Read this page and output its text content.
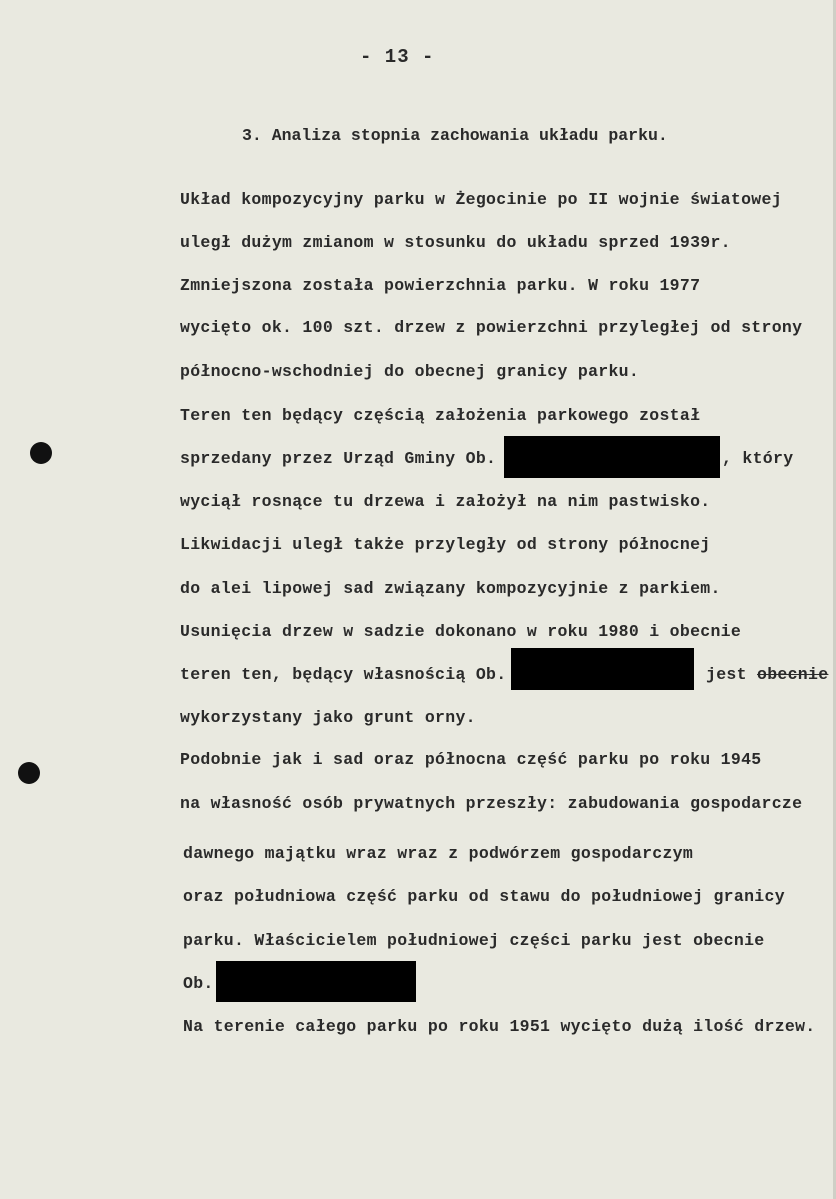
- 13 -
3. Analiza stopnia zachowania układu parku.
Układ kompozycyjny parku w Żegocinie po II wojnie światowej
uległ dużym zmianom w stosunku do układu sprzed 1939r.
Zmniejszona została powierzchnia parku. W roku 1977
wycięto ok. 100 szt. drzew z powierzchni przyległej od strony
północno-wschodniej do obecnej granicy parku.
Teren ten będący częścią założenia parkowego został
sprzedany przez Urząd Gminy Ob.	, który
wyciął rosnące tu drzewa i założył na nim pastwisko.
Likwidacji uległ także przyległy od strony północnej
do alei lipowej sad związany kompozycyjnie z parkiem.
Usunięcia drzew w sadzie dokonano w roku 1980 i obecnie
teren ten, będący własnością Ob.	jest obecnie
wykorzystany jako grunt orny.
Podobnie jak i sad oraz północna część parku po roku 1945
na własność osób prywatnych przeszły: zabudowania gospodarcze
dawnego majątku wraz wraz z podwórzem gospodarczym
oraz południowa część parku od stawu do południowej granicy
parku. Właścicielem południowej części parku jest obecnie
Ob.
Na terenie całego parku po roku 1951 wycięto dużą ilość drzew.
